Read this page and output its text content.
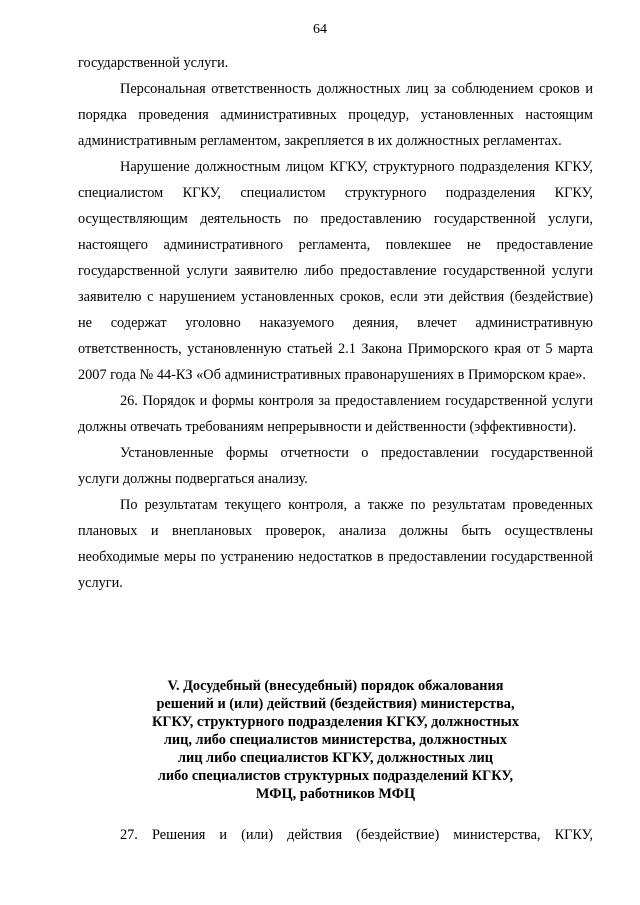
64

государственной услуги.

Персональная ответственность должностных лиц за соблюдением сроков и порядка проведения административных процедур, установленных настоящим административным регламентом, закрепляется в их должностных регламентах.

Нарушение должностным лицом КГКУ, структурного подразделения КГКУ, специалистом КГКУ, специалистом структурного подразделения КГКУ, осуществляющим деятельность по предоставлению государственной услуги, настоящего административного регламента, повлекшее не предоставление государственной услуги заявителю либо предоставление государственной услуги заявителю с нарушением установленных сроков, если эти действия (бездействие) не содержат уголовно наказуемого деяния, влечет административную ответственность, установленную статьей 2.1 Закона Приморского края от 5 марта 2007 года № 44-КЗ «Об административных правонарушениях в Приморском крае».

26. Порядок и формы контроля за предоставлением государственной услуги должны отвечать требованиям непрерывности и действенности (эффективности).

Установленные формы отчетности о предоставлении государственной услуги должны подвергаться анализу.

По результатам текущего контроля, а также по результатам проведенных плановых и внеплановых проверок, анализа должны быть осуществлены необходимые меры по устранению недостатков в предоставлении государственной услуги.

V. Досудебный (внесудебный) порядок обжалования
решений и (или) действий (бездействия) министерства,
КГКУ, структурного подразделения КГКУ, должностных
лиц, либо специалистов министерства, должностных
лиц либо специалистов КГКУ, должностных лиц
либо специалистов структурных подразделений КГКУ,
МФЦ, работников МФЦ

27. Решения и (или) действия (бездействие) министерства, КГКУ,
